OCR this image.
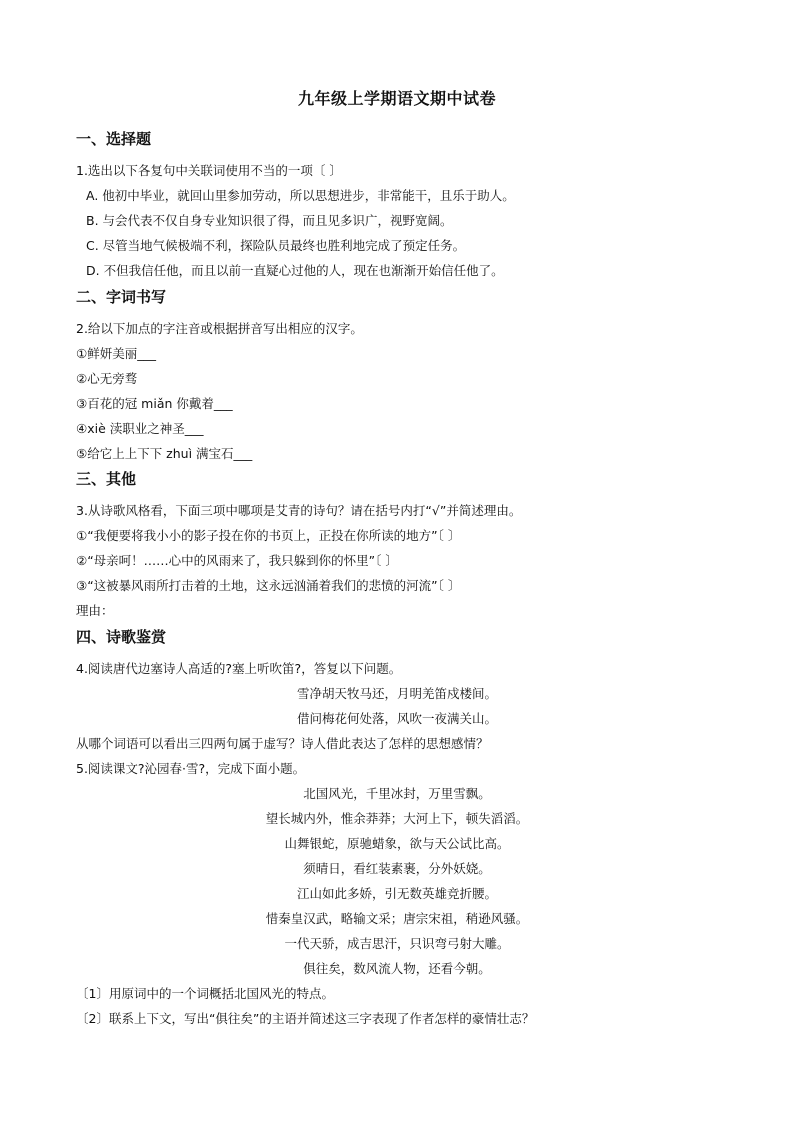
九年级上学期语文期中试卷
一、选择题
1.选出以下各复句中关联词使用不当的一项〔 〕
A. 他初中毕业，就回山里参加劳动，所以思想进步，非常能干，且乐于助人。
B. 与会代表不仅自身专业知识很了得，而且见多识广，视野宽阔。
C. 尽管当地气候极端不利，探险队员最终也胜利地完成了预定任务。
D. 不但我信任他，而且以前一直疑心过他的人，现在也渐渐开始信任他了。
二、字词书写
2.给以下加点的字注音或根据拼音写出相应的汉字。
①鲜妍美丽___
②心无旁骛
③百花的冠 miǎn 你戴着___
④xiè 渎职业之神圣___
⑤给它上上下下 zhuì 满宝石___
三、其他
3.从诗歌风格看，下面三项中哪项是艾青的诗句？请在括号内打“√”并简述理由。
①“我便要将我小小的影子投在你的书页上，正投在你所读的地方”〔 〕
②“母亲呵！……心中的风雨来了，我只躲到你的怀里”〔 〕
③“这被暴风雨所打击着的土地，这永远汹涌着我们的悲愤的河流”〔 〕
理由：
四、诗歌鉴赏
4.阅读唐代边塞诗人高适的?塞上听吹笛?，答复以下问题。
雪净胡天牧马还，月明羌笛戍楼间。
借问梅花何处落，风吹一夜满关山。
从哪个词语可以看出三四两句属于虚写？诗人借此表达了怎样的思想感情？
5.阅读课文?沁园春·雪?，完成下面小题。
北国风光，千里冰封，万里雪飘。
望长城内外，惟余莽莽；大河上下，顿失滔滔。
山舞银蛇，原驰蜡象，欲与天公试比高。
须晴日，看红装素裹，分外妖娆。
江山如此多娇，引无数英雄竞折腰。
惜秦皇汉武，略输文采；唐宗宋祖，稍逊风骚。
一代天骄，成吉思汗，只识弯弓射大雕。
俱往矣，数风流人物，还看今朝。
〔1〕用原词中的一个词概括北国风光的特点。
〔2〕联系上下文，写出“俱往矣”的主语并简述这三字表现了作者怎样的豪情壮志？
